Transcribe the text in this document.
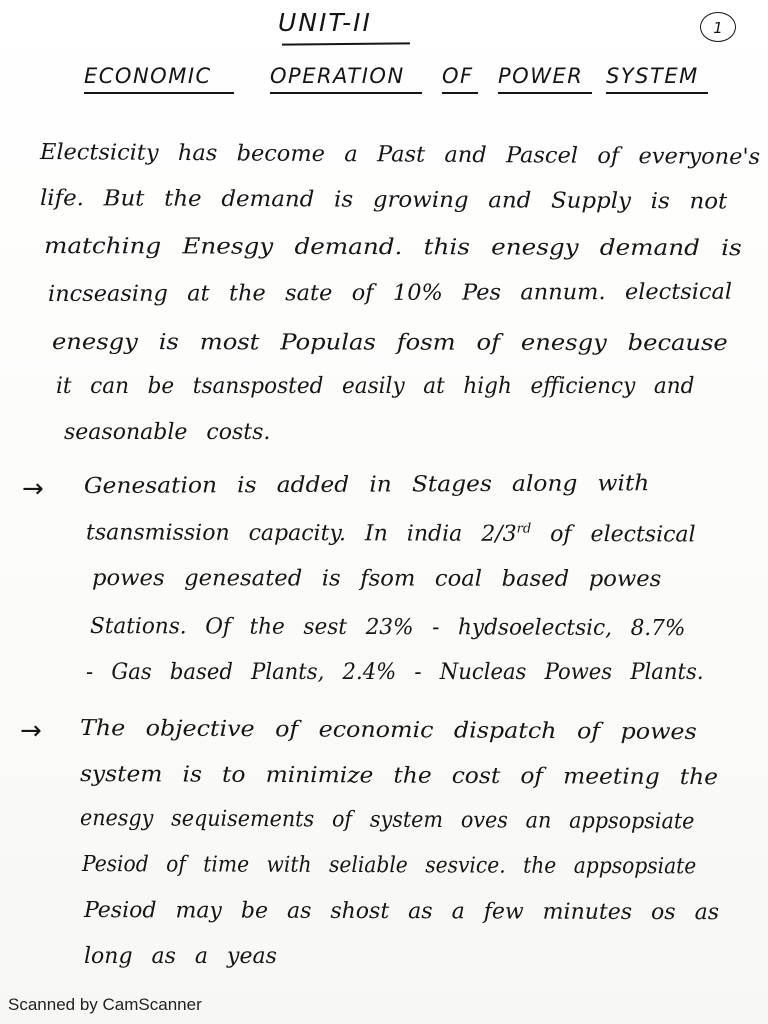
UNIT-II	1
ECONOMIC	OPERATION	OF POWER	SYSTEM
Electsicity has become a Past and Pascel of everyone's
life. But the demand is growing and Supply is not
matching Enesgy demand. this enesgy demand is
incseasing at the sate of 10% Pes annum. electsical
enesgy is most Populas fosm of enesgy because
it can be tsansposted easily at high efficiency and
seasonable costs.
→ Genesation is added in Stages along with
tsansmission capacity. In india 2/3rd of electsical
powes genesated is fsom coal based powes
Stations. Of the sest 23% - hydsoelectsic, 8.7%
- Gas based Plants, 2.4% - Nucleas Powes Plants.
→ The objective of economic dispatch of powes
system is to minimize the cost of meeting the
enesgy sequisements of system oves an appsopsiate
Pesiod of time with seliable sesvice. the appsopsiate
Pesiod may be as shost as a few minutes os as
long as a yeas
Scanned by CamScanner
